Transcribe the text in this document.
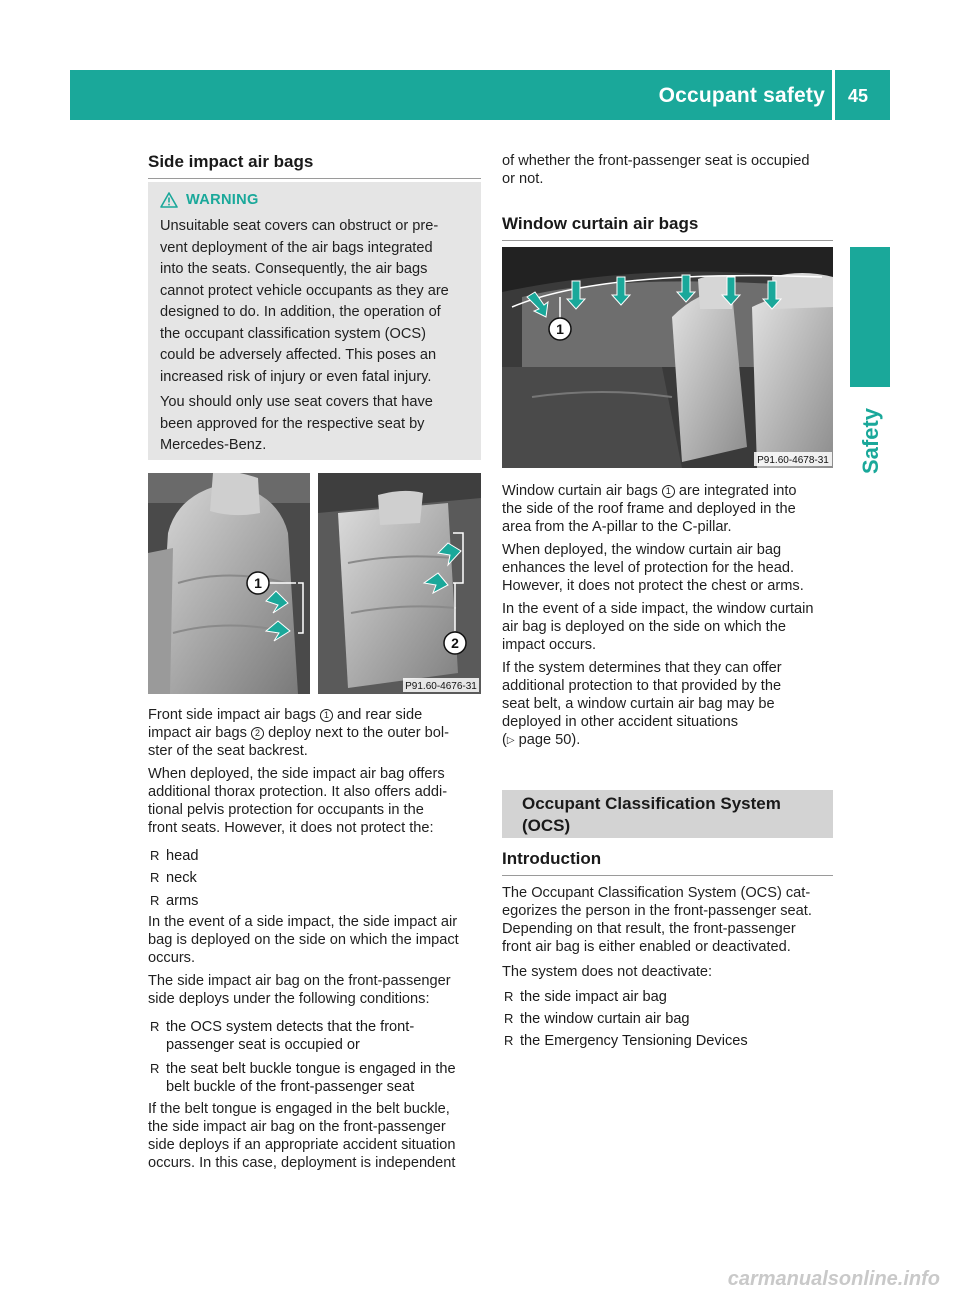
Occupant safety 45
Safety
Side impact air bags
WARNING
Unsuitable seat covers can obstruct or pre-
vent deployment of the air bags integrated
into the seats. Consequently, the air bags
cannot protect vehicle occupants as they are
designed to do. In addition, the operation of
the occupant classification system (OCS)
could be adversely affected. This poses an
increased risk of injury or even fatal injury.
You should only use seat covers that have
been approved for the respective seat by
Mercedes-Benz.
1
2
P91.60-4676-31
Front side impact air bags 1 and rear side
impact air bags 2 deploy next to the outer bol-
ster of the seat backrest.
When deployed, the side impact air bag offers
additional thorax protection. It also offers addi-
tional pelvis protection for occupants in the
front seats. However, it does not protect the:
R head
R neck
R arms
In the event of a side impact, the side impact air
bag is deployed on the side on which the impact
occurs.
The side impact air bag on the front-passenger
side deploys under the following conditions:
R the OCS system detects that the front-
passenger seat is occupied or
R the seat belt buckle tongue is engaged in the
belt buckle of the front-passenger seat
If the belt tongue is engaged in the belt buckle,
the side impact air bag on the front-passenger
side deploys if an appropriate accident situation
occurs. In this case, deployment is independent
of whether the front-passenger seat is occupied
or not.
Window curtain air bags
1
P91.60-4678-31
Window curtain air bags 1 are integrated into
the side of the roof frame and deployed in the
area from the A-pillar to the C-pillar.
When deployed, the window curtain air bag
enhances the level of protection for the head.
However, it does not protect the chest or arms.
In the event of a side impact, the window curtain
air bag is deployed on the side on which the
impact occurs.
If the system determines that they can offer
additional protection to that provided by the
seat belt, a window curtain air bag may be
deployed in other accident situations
(▷ page 50).
Occupant Classification System
(OCS)
Introduction
The Occupant Classification System (OCS) cat-
egorizes the person in the front-passenger seat.
Depending on that result, the front-passenger
front air bag is either enabled or deactivated.
The system does not deactivate:
R the side impact air bag
R the window curtain air bag
R the Emergency Tensioning Devices
carmanualsonline.info
